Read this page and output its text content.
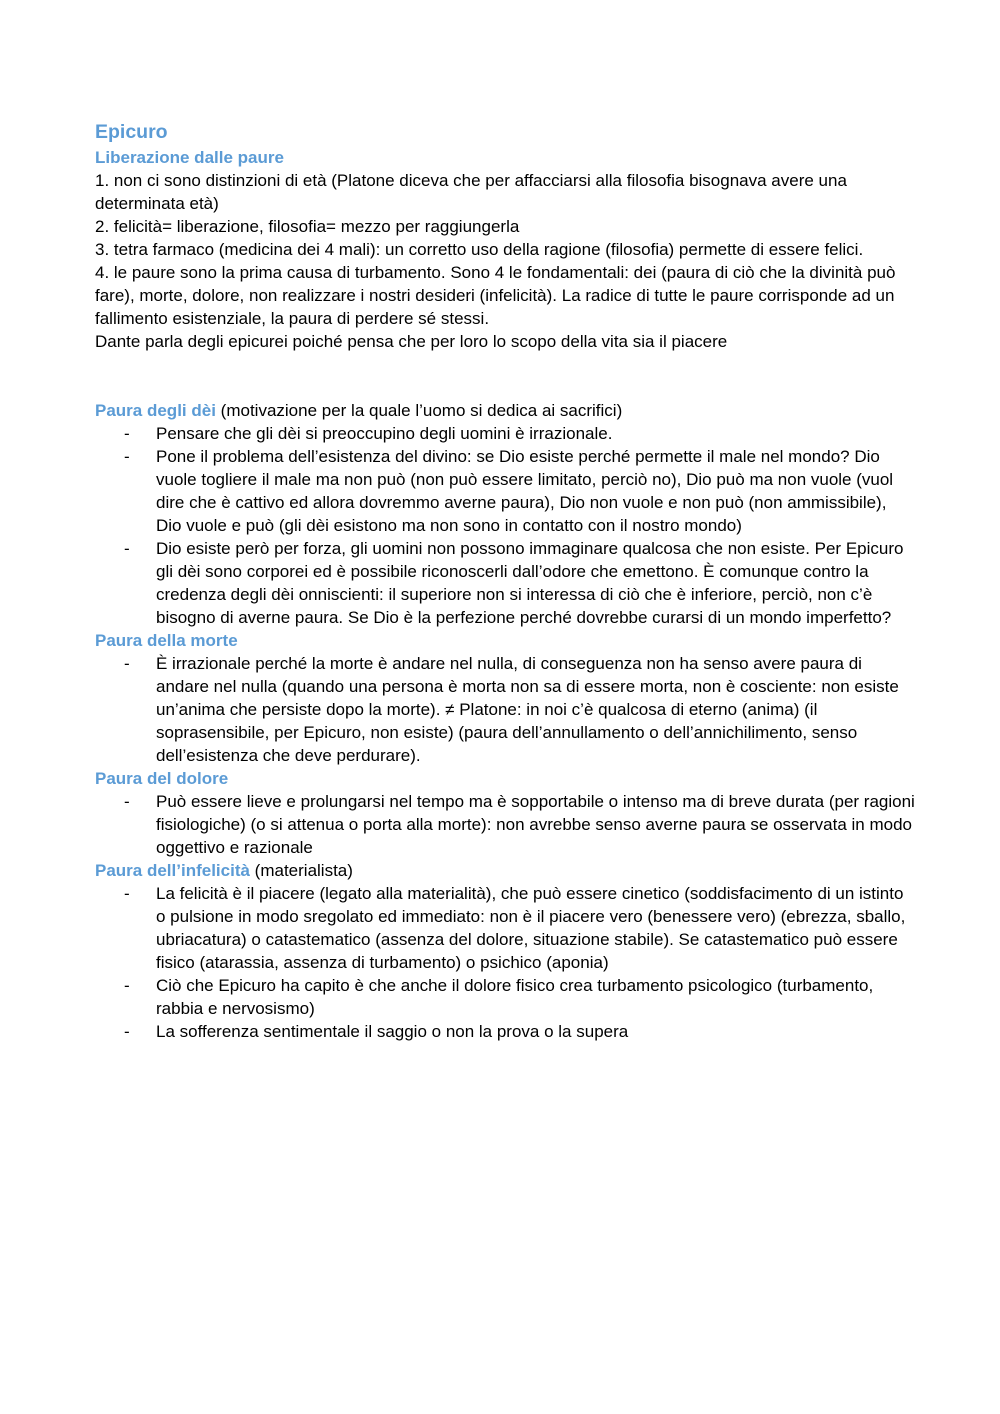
Epicuro
Liberazione dalle paure

1. non ci sono distinzioni di età (Platone diceva che per affacciarsi alla filosofia bisognava avere una determinata età)

2. felicità= liberazione, filosofia= mezzo per raggiungerla

3. tetra farmaco (medicina dei 4 mali): un corretto uso della ragione (filosofia) permette di essere felici.

4. le paure sono la prima causa di turbamento. Sono 4 le fondamentali: dei (paura di ciò che la divinità può fare), morte, dolore, non realizzare i nostri desideri (infelicità). La radice di tutte le paure corrisponde ad un fallimento esistenziale, la paura di perdere sé stessi.

Dante parla degli epicurei poiché pensa che per loro lo scopo della vita sia il piacere

Paura degli dèi (motivazione per la quale l’uomo si dedica ai sacrifici)
- Pensare che gli dèi si preoccupino degli uomini è irrazionale.
- Pone il problema dell’esistenza del divino: se Dio esiste perché permette il male nel mondo? Dio vuole togliere il male ma non può (non può essere limitato, perciò no), Dio può ma non vuole (vuol dire che è cattivo ed allora dovremmo averne paura), Dio non vuole e non può (non ammissibile), Dio vuole e può (gli dèi esistono ma non sono in contatto con il nostro mondo)
- Dio esiste però per forza, gli uomini non possono immaginare qualcosa che non esiste. Per Epicuro gli dèi sono corporei ed è possibile riconoscerli dall’odore che emettono. È comunque contro la credenza degli dèi onniscienti: il superiore non si interessa di ciò che è inferiore, perciò, non c’è bisogno di averne paura. Se Dio è la perfezione perché dovrebbe curarsi di un mondo imperfetto?
Paura della morte
- È irrazionale perché la morte è andare nel nulla, di conseguenza non ha senso avere paura di andare nel nulla (quando una persona è morta non sa di essere morta, non è cosciente: non esiste un’anima che persiste dopo la morte). ≠ Platone: in noi c’è qualcosa di eterno (anima) (il soprasensibile, per Epicuro, non esiste) (paura dell’annullamento o dell’annichilimento, senso dell’esistenza che deve perdurare).
Paura del dolore
- Può essere lieve e prolungarsi nel tempo ma è sopportabile o intenso ma di breve durata (per ragioni fisiologiche) (o si attenua o porta alla morte): non avrebbe senso averne paura se osservata in modo oggettivo e razionale
Paura dell’infelicità (materialista)
- La felicità è il piacere (legato alla materialità), che può essere cinetico (soddisfacimento di un istinto o pulsione in modo sregolato ed immediato: non è il piacere vero (benessere vero) (ebrezza, sballo, ubriacatura) o catastematico (assenza del dolore, situazione stabile). Se catastematico può essere fisico (atarassia, assenza di turbamento) o psichico (aponia)
- Ciò che Epicuro ha capito è che anche il dolore fisico crea turbamento psicologico (turbamento, rabbia e nervosismo)
- La sofferenza sentimentale il saggio o non la prova o la supera
